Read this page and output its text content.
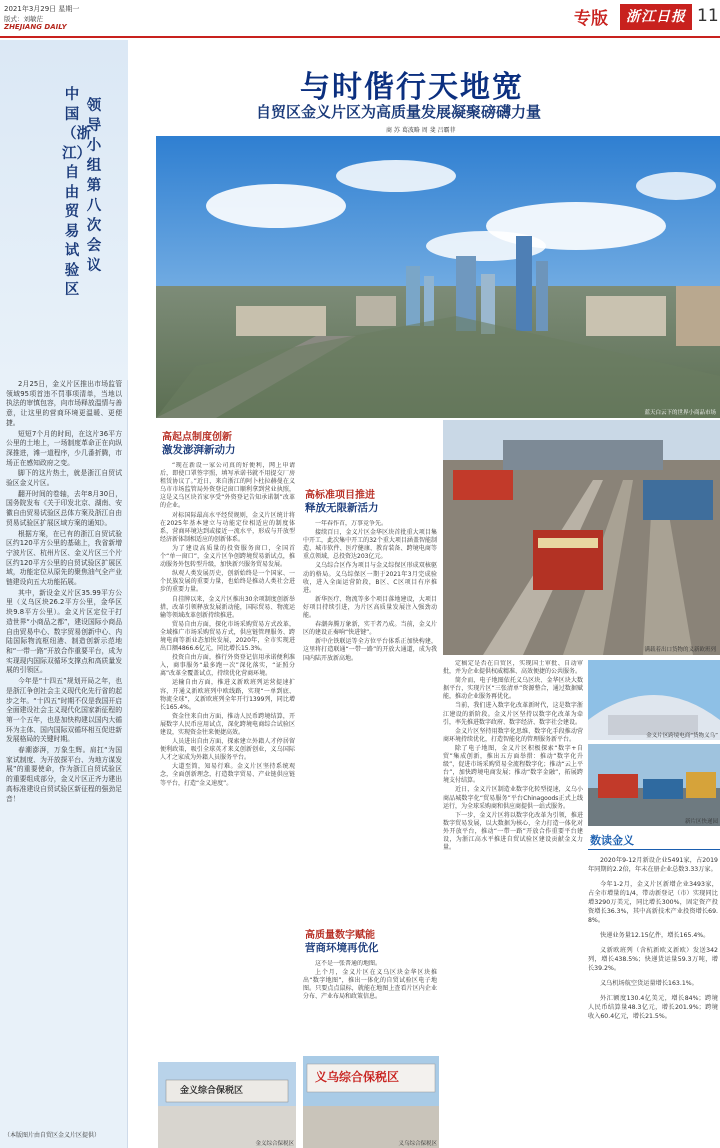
2021年3月29日 星期一
版式：刘敏茫
ZHEJIANG DAILY	专版	浙江日报 11
中国（浙江）自由贸易试验区
领导小组第八次会议

2月25日，金义片区推出市场监管领域95项首违不罚事项清单，当地以执法的审慎包容，向市场释放温情与善意，让这里的营商环境更温暖、更便捷。

短短7个月的时间，在这片36平方公里的土地上，一场制度革命正在向纵深推进，滩一道程序，少几番折腾，市场正在感知政府之变。

脚下的这片热土，就是浙江自贸试验区金义片区。

翻开时间的卷轴，去年8月30日，国务院发布《关于印发北京、湖南、安徽自由贸易试验区总体方案及浙江自由贸易试验区扩展区域方案的通知》。

根据方案，在已有的浙江自贸试验区约120平方公里的基础上，我省新增宁波片区、杭州片区、金义片区三个片区约120平方公里的自贸试验区扩展区域，功能定位从原先的聚焦油气全产业链建设向五大功能拓展。

其中，新设金义片区35.99平方公里（义乌区块26.2平方公里，金华区块9.8平方公里）。金义片区定位于打造世界“小商品之都”，建设国际小商品自由贸易中心、数字贸易创新中心、内陆国际物流枢纽港、制造创新示范地和“一带一路”开放合作重要平台，成为实现现内国际双循环支撑点和高质量发展的引领区。

今年是“十四五”规划开局之年，也是浙江争创社会主义现代化先行省的起步之年。“十四五”时期不仅是我国开启全面建设社会主义现代化国家新征程的第一个五年，也是加快构建以国内大循环为主体、国内国际双循环相互促进新发展格局的关键时期。

春潮澎湃，万象生辉。肩扛“为国家试制度、为开放探平台、为地方谋发展”的重要使命，作为浙江自贸试验区的重要组成部分，金义片区正齐力建出高标准建设自贸试验区新征程的强劲足音！

（本版图片由自贸区金义片区提供）
与时偕行天地宽
自贸区金义片区为高质量发展凝聚磅礴力量
商 苏 葛波略 周 斐 吕霸菲
蓝天白云下的世界小商品市场
高起点制度创新
激发澎湃新动力

“现在新设一家公司真的好便利，网上申请后，即使口罩签字照，填写承诺书就不用提交厂房租赁协议了。”近日，来自浙江的阿卜杜拉赫曼在义乌市市场监管局外资登记窗口顺利拿到营业执照，这是义乌区块首家享受“外资登记告知承诺制”改革的企业。

对标国际最高水平经贸规则，金义片区统计将在2025年基本建立与功能定位相适应的制度体系，营商环境达到或接近一流水平，形成与开放型经济新体制相适应的创新体系。

为了建设高质量的投资服务窗口，全国首个“单一窗口”，金义片区争创跨境贸易新试点，推动服务外包转型升级，加快新兴服务贸易发展。

纵观人类发展历史，创新始终是一个国家、一个民族发展的重要力量，也始终是推动人类社会进步的重要力量。

自挂牌以来，金义片区推出30余项制度创新举措，改革引领释放发展新动能，国际贸易、物流运输等领域改革创新持续推进。

贸易自由方面，探化市场采购贸易方式改革，全域推广市场采购贸易方式，供应链管理服务、跨境电商等新业态加快发展，2020年，全市实现进出口额4866.6亿元，同比增长15.3%。

投资自由方面，推行外资登记信用承诺便利准入，商事服务“最多跑一次”深化落实，“证照分离”改革全覆盖试点，持续优化营商环境。

运输自由方面，推进义新欧班列运营提速扩容，开通义新欧班列中欧线路，实现“一单到底、物流全球”，义新欧班列全年开行1399列，同比增长165.4%。

资金往来自由方面，推动人民币跨境结算，开展数字人民币应用试点，深化跨境电商综合试验区建设，实现资金往来便捷高效。

人员进出自由方面，探索建立外籍人才停居留便利政策，吸引全球英才来义创新创业，义乌国际人才之家成为外籍人员服务平台。

大道至简，知易行难。金义片区坚持系统观念，全面创新理念，打造数字贸易、产业链供应链等平台，打造“金义速度”。

高标准项目推进
释放无限新活力

一年春作首，万事竞争先。

接续百日，金义片区金华区块首批重大项目集中开工，此次集中开工的32个重大项目涵盖智能制造、城市软件、医疗健康、教育装备、跨境电商等重点领域，总投资达203亿元。

义乌综合区作为项目与金义综保区形成双核驱动的格局。义乌综保区一期于2021年3月完成验收，进入全面运营阶段，B区、C区项目有序推进。

新华医疗、物流等多个项目落地建设，大项目好项目持续引进，为片区高质量发展注入强劲动能。

春潮奔腾万象新，实干者乃成。当前，金义片区的建设正奏响“快进键”。

新中企铁联运等全方位平台体系正加快构建，这里将打造联通“一带一路”的开放大通道，成为我国内陆开放新高地。

高质量数字赋能
营商环境再优化

这不是一张普通的地图。

上个月，金义片区在义乌区块金华区块推出“数字地图”，推出一体化的自贸试验区电子地图。只要点点鼠标，就能在地图上查看片区内企业分布、产业布局和政策信息。

满载着出口货物的义新欧班列

定稿定是否在自贸区，实现国土审批、自动审批，并为企业提供权威精准、高效便捷的公共服务。

简介而，电子地图依托义乌区块、金华区块大数据平台，实现片区“三张清单”资源整合，通过数据赋能，推动企业服务再优化。

当前，我们进入数字化改革新时代，这是数字浙江建设的新阶段。金义片区坚持以数字化改革为牵引，率先推进数字政府、数字经济、数字社会建设。

金义片区坚持用数字化思维、数字化手段推动营商环境持续优化，打造智能化的管理服务新平台。

除了电子地图，金义片区积极探索“数字+自贸”集成创新，推出五方面举措：推动“数字化升级”，促进市场采购贸易全流程数字化；推动“云上平台”，加快跨境电商发展；推动“数字金融”，拓展跨境支付结算。

近日，金义片区制造业数字化转型提速，义乌小商品城数字化“贸易服务”平台Chinagoods正式上线运行，为全球采购商和供应商提供一站式服务。

下一步，金义片区将以数字化改革为引领，推进数字贸易发展，以大数据为核心，全力打造一体化对外开放平台，推动“一带一路”开放合作重要平台建设，为浙江高水平推进自贸试验区建设贡献金义力量。

金义片区跨境电商“货物义乌”
新片区快递园
数读金义

2020年9-12月新设企业5491家，占2019年同期的2.2倍，年末在册企业总数3.33万家。

今年1-2月，金义片区新增企业3493家，占全市增量的1/4，带动新登记（市）实现同比增3290万美元，同比增长300%，固定资产投资增长36.3%，其中高新技术产业投资增长69.8%。

快递业务量12.15亿件，增长165.4%。

义新欧班列（含杭新欧义新欧）发送342列，增长438.5%；快递货运量59.3万吨，增长39.2%。

义乌机场航空货运量增长163.1%。

外汇额度130.4亿美元，增长84%；跨境人民币结算量48.3亿元，增长201.9%；跨境收入60.4亿元，增长21.5%。

金义综合保税区
金义综合保税区
义乌综合保税区
义乌综合保税区
